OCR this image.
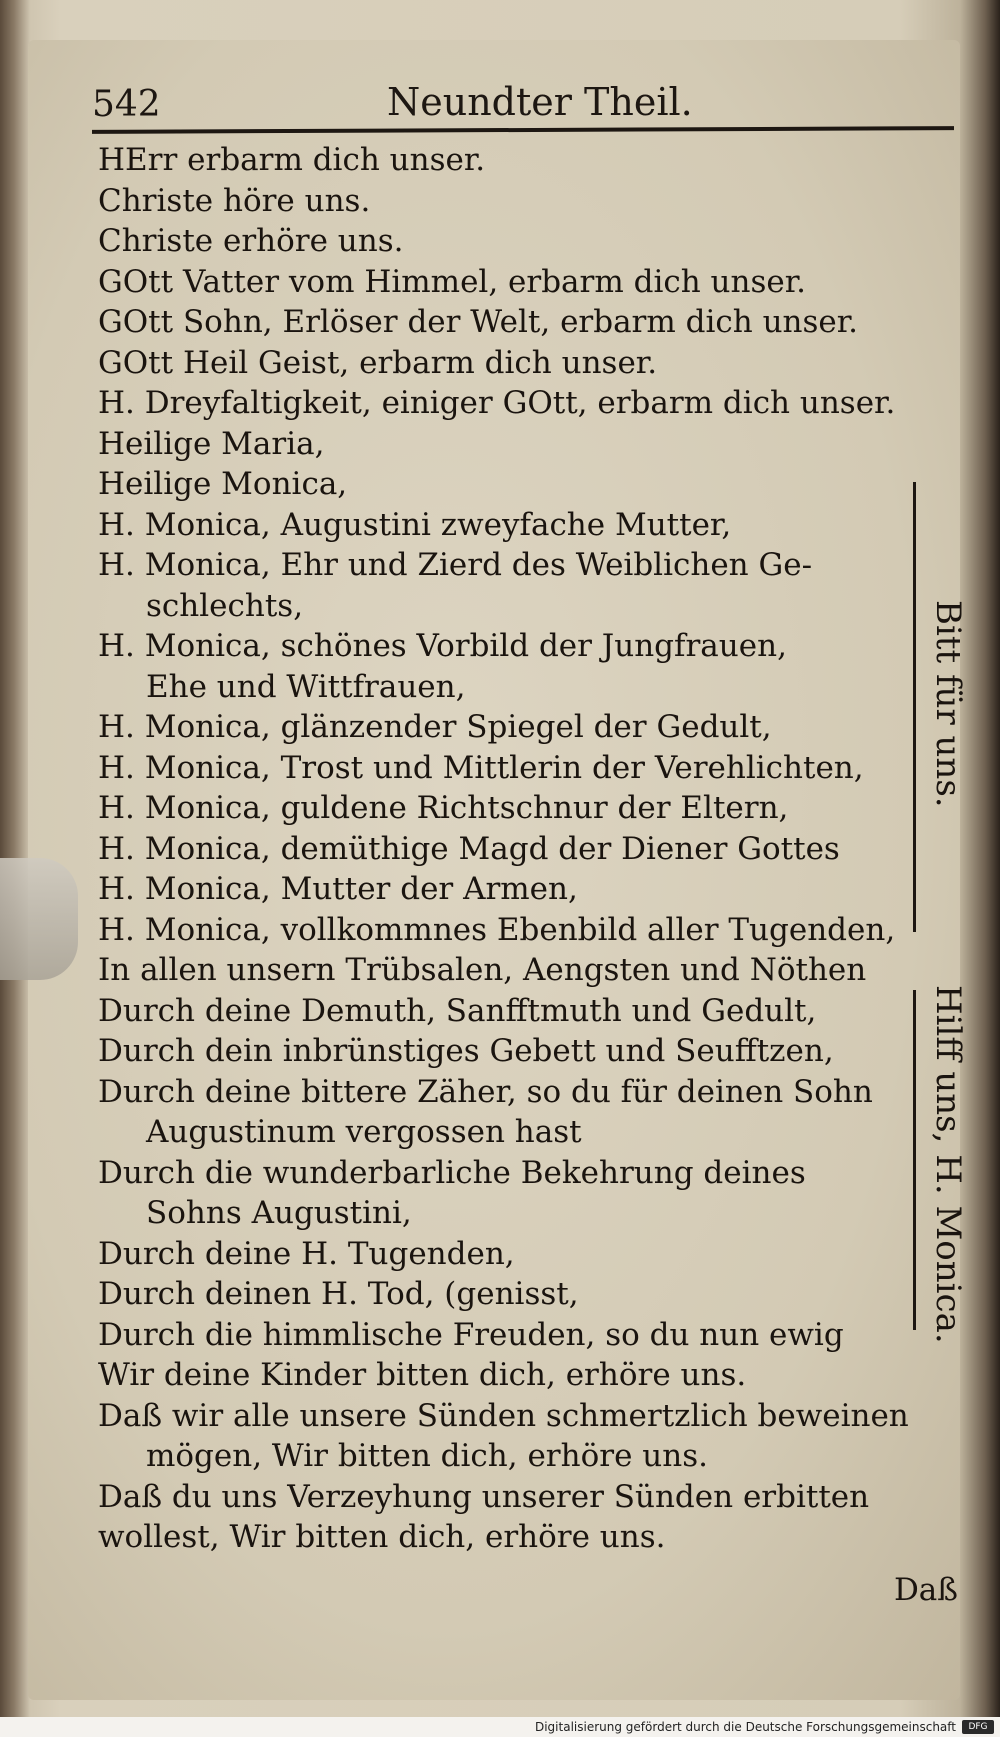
542	Neundter Theil.
HErr erbarm dich unser.
Christe höre uns.
Christe erhöre uns.
GOtt Vatter vom Himmel, erbarm dich unser.
GOtt Sohn, Erlöser der Welt, erbarm dich unser.
GOtt Heil Geist, erbarm dich unser.
H. Dreyfaltigkeit, einiger GOtt, erbarm dich unser.
Heilige Maria,
Heilige Monica,
H. Monica, Augustini zweyfache Mutter,
H. Monica, Ehr und Zierd des Weiblichen Ge-
schlechts,
H. Monica, schönes Vorbild der Jungfrauen,
Ehe und Wittfrauen,
H. Monica, glänzender Spiegel der Gedult,
H. Monica, Trost und Mittlerin der Verehlichten,
H. Monica, guldene Richtschnur der Eltern,
H. Monica, demüthige Magd der Diener Gottes
H. Monica, Mutter der Armen,
H. Monica, vollkommnes Ebenbild aller Tugenden,
In allen unsern Trübsalen, Aengsten und Nöthen
Durch deine Demuth, Sanfftmuth und Gedult,
Durch dein inbrünstiges Gebett und Seufftzen,
Durch deine bittere Zäher, so du für deinen Sohn
Augustinum vergossen hast
Durch die wunderbarliche Bekehrung deines
Sohns Augustini,
Durch deine H. Tugenden,
Durch deinen H. Tod, (genisst,
Durch die himmlische Freuden, so du nun ewig
Wir deine Kinder bitten dich, erhöre uns.
Daß wir alle unsere Sünden schmertzlich beweinen
mögen, Wir bitten dich, erhöre uns.
Daß du uns Verzeyhung unserer Sünden erbitten
wollest, Wir bitten dich, erhöre uns.
Daß
Bitt für uns.
Hilff uns, H. Monica.
Digitalisierung gefördert durch die Deutsche Forschungsgemeinschaft	DFG
